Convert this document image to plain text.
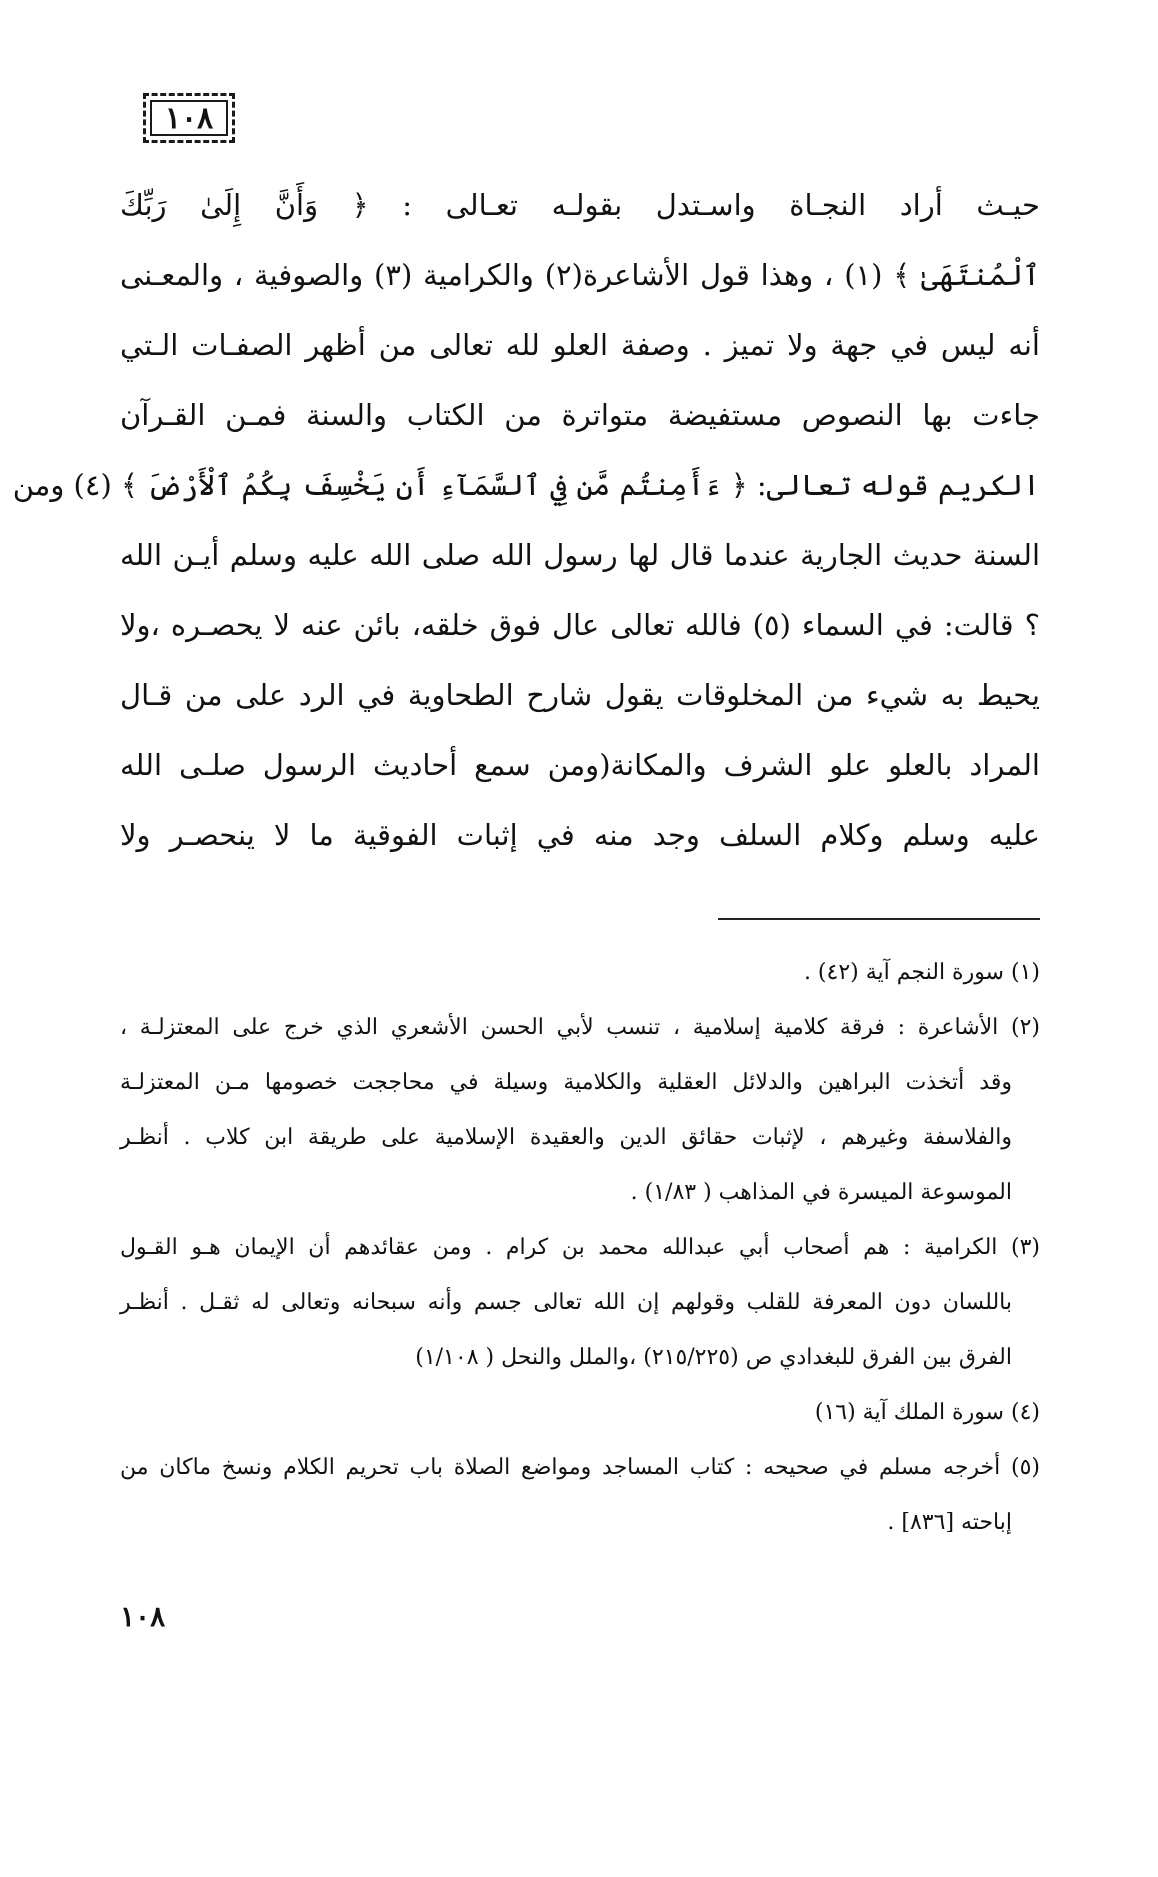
١٠٨
حيـث أراد النجـاة واسـتدل بقولـه تعـالى : ﴿ وَأَنَّ إِلَىٰ رَبِّكَ
ٱلْمُنتَهَىٰ ﴾ (١) ، وهذا قول الأشاعرة(٢) والكرامية (٣) والصوفية ، والمعـنى
أنه ليس في جهة ولا تميز . وصفة العلو لله تعالى من أظهر الصفـات الـتي
جاءت بها النصوص مستفيضة متواترة من الكتاب والسنة فمـن القـرآن
الكريم قوله تعالى: ﴿ ءَأَمِنتُم مَّن فِي ٱلسَّمَآءِ أَن يَخْسِفَ بِكُمُ ٱلْأَرْضَ ﴾ (٤) ومن
السنة حديث الجارية عندما قال لها رسول الله صلى الله عليه وسلم أيـن الله
؟ قالت: في السماء (٥) فالله تعالى عال فوق خلقه، بائن عنه لا يحصـره ،ولا
يحيط به شيء من المخلوقات يقول شارح الطحاوية في الرد على من قـال
المراد بالعلو علو الشرف والمكانة(ومن سمع أحاديث الرسول صلـى الله
عليه وسلم وكلام السلف وجد منه في إثبات الفوقية ما لا ينحصـر ولا
(١) سورة النجم آية (٤٢) .
(٢) الأشاعرة : فرقة كلامية إسلامية ، تنسب لأبي الحسن الأشعري الذي خرج على المعتزلـة ،
وقد أتخذت البراهين والدلائل العقلية والكلامية وسيلة في محاججت خصومها مـن المعتزلـة
والفلاسفة وغيرهم ، لإثبات حقائق الدين والعقيدة الإسلامية على طريقة ابن كلاب . أنظـر
الموسوعة الميسرة في المذاهب ( ١/٨٣) .
(٣) الكرامية : هم أصحاب أبي عبدالله محمد بن كرام . ومن عقائدهم أن الإيمان هـو القـول
باللسان دون المعرفة للقلب وقولهم إن الله تعالى جسم وأنه سبحانه وتعالى له ثقـل . أنظـر
الفرق بين الفرق للبغدادي ص (٢١٥/٢٢٥) ،والملل والنحل ( ١/١٠٨)
(٤) سورة الملك آية (١٦)
(٥) أخرجه مسلم في صحيحه : كتاب المساجد ومواضع الصلاة باب تحريم الكلام ونسخ ماكان من
إباحته [٨٣٦] .
١٠٨
